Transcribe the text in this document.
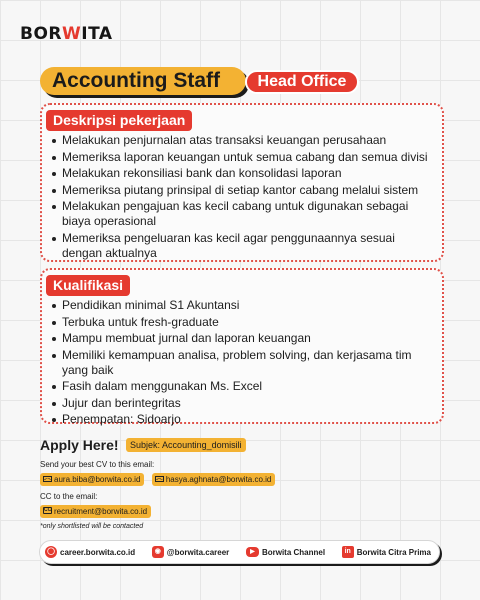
BORWITA
Accounting Staff	Head Office
Deskripsi pekerjaan
Melakukan penjurnalan atas transaksi keuangan perusahaan
Memeriksa laporan keuangan untuk semua cabang dan semua divisi
Melakukan rekonsiliasi bank dan konsolidasi laporan
Memeriksa piutang prinsipal di setiap kantor cabang melalui sistem
Melakukan pengajuan kas kecil cabang untuk digunakan sebagai biaya operasional
Memeriksa pengeluaran kas kecil agar penggunaannya sesuai dengan aktualnya
Kualifikasi
Pendidikan minimal S1 Akuntansi
Terbuka untuk fresh-graduate
Mampu membuat jurnal dan laporan keuangan
Memiliki kemampuan analisa, problem solving, dan kerjasama tim yang baik
Fasih dalam menggunakan Ms. Excel
Jujur dan berintegritas
Penempatan: Sidoarjo
Apply Here! Subjek: Accounting_domisili
Send your best CV to this email:
aura.biba@borwita.co.id	hasya.aghnata@borwita.co.id
CC to the email:
CC recruitment@borwita.co.id
*only shortlisted will be contacted
◯ career.borwita.co.id	◉ @borwita.career	▶ Borwita Channel	in Borwita Citra Prima
